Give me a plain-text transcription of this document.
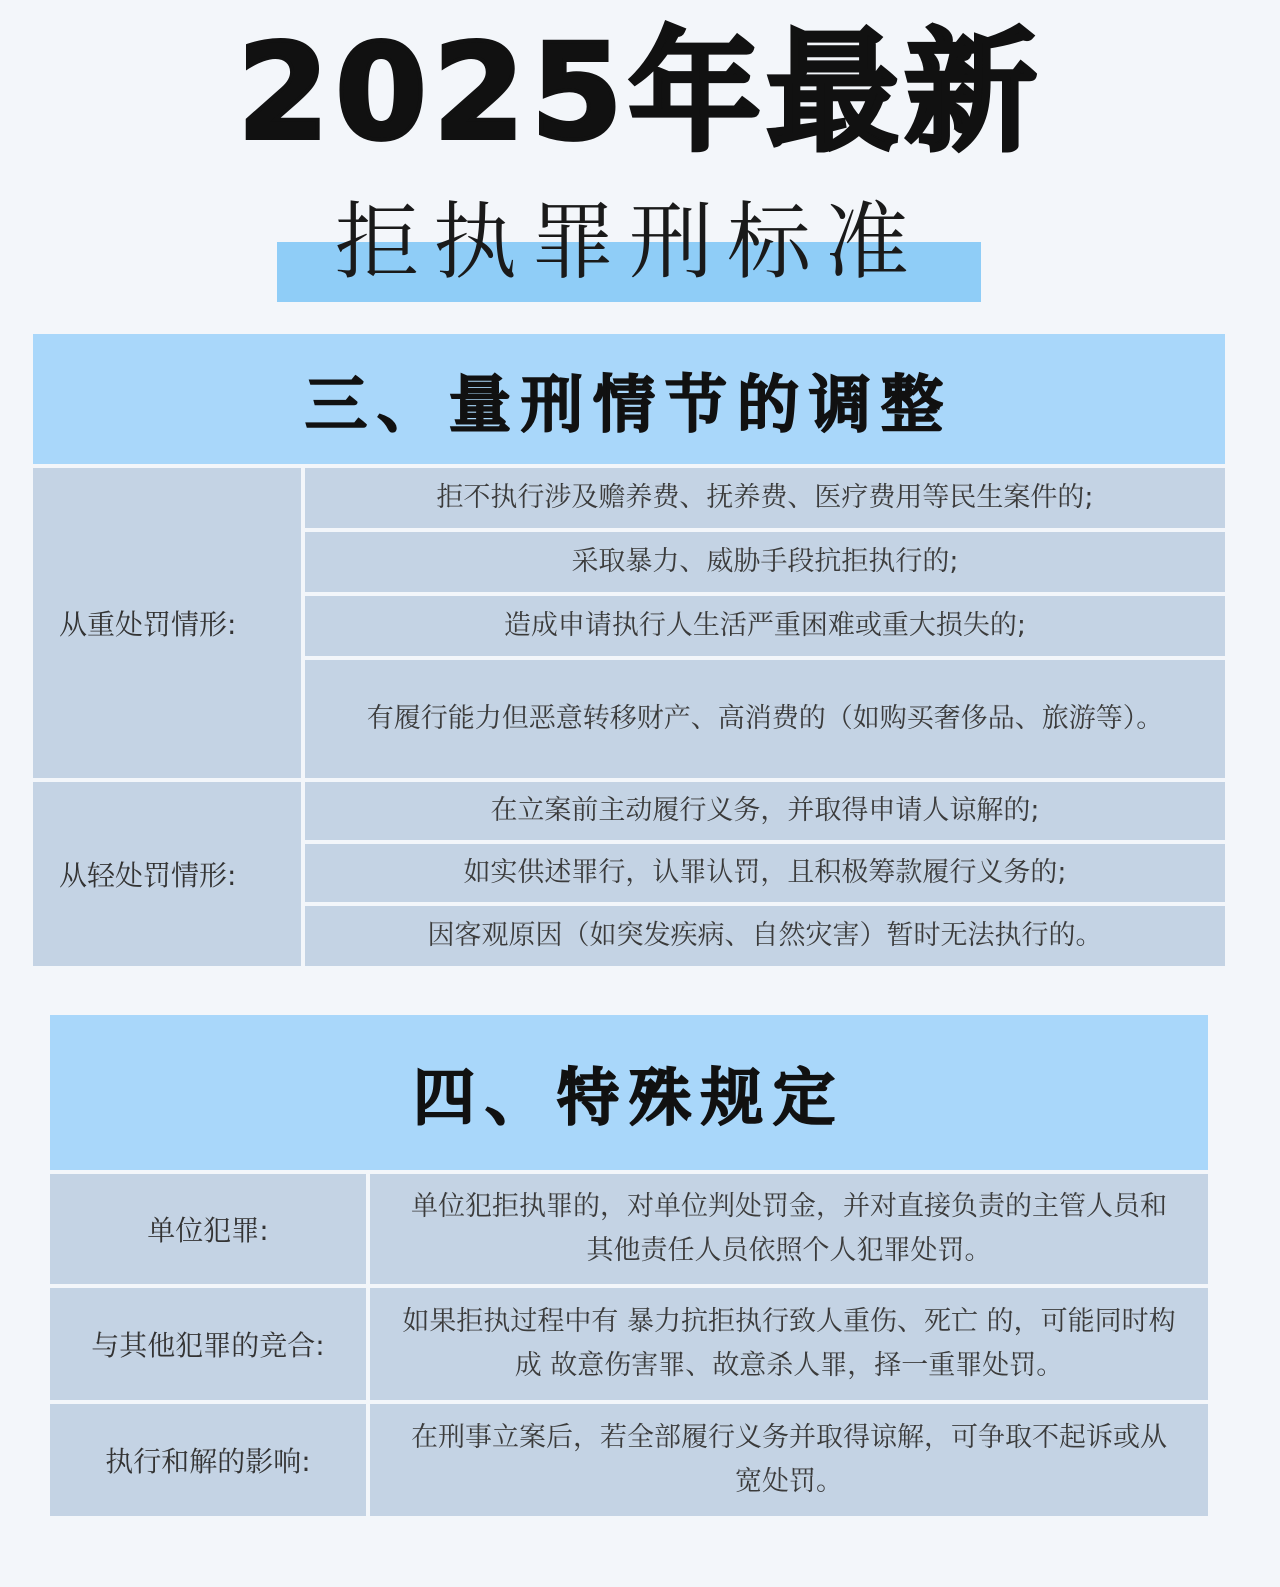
2025年最新
拒执罪刑标准
三、量刑情节的调整
从重处罚情形:
拒不执行涉及赡养费、抚养费、医疗费用等民生案件的;
采取暴力、威胁手段抗拒执行的;
造成申请执行人生活严重困难或重大损失的;
有履行能力但恶意转移财产、高消费的（如购买奢侈品、旅游等）。
从轻处罚情形:
在立案前主动履行义务，并取得申请人谅解的;
如实供述罪行，认罪认罚，且积极筹款履行义务的;
因客观原因（如突发疾病、自然灾害）暂时无法执行的。
四、特殊规定
单位犯罪:
单位犯拒执罪的，对单位判处罚金，并对直接负责的主管人员和其他责任人员依照个人犯罪处罚。
与其他犯罪的竞合:
如果拒执过程中有 暴力抗拒执行致人重伤、死亡 的，可能同时构成 故意伤害罪、故意杀人罪，择一重罪处罚。
执行和解的影响:
在刑事立案后，若全部履行义务并取得谅解，可争取不起诉或从宽处罚。
